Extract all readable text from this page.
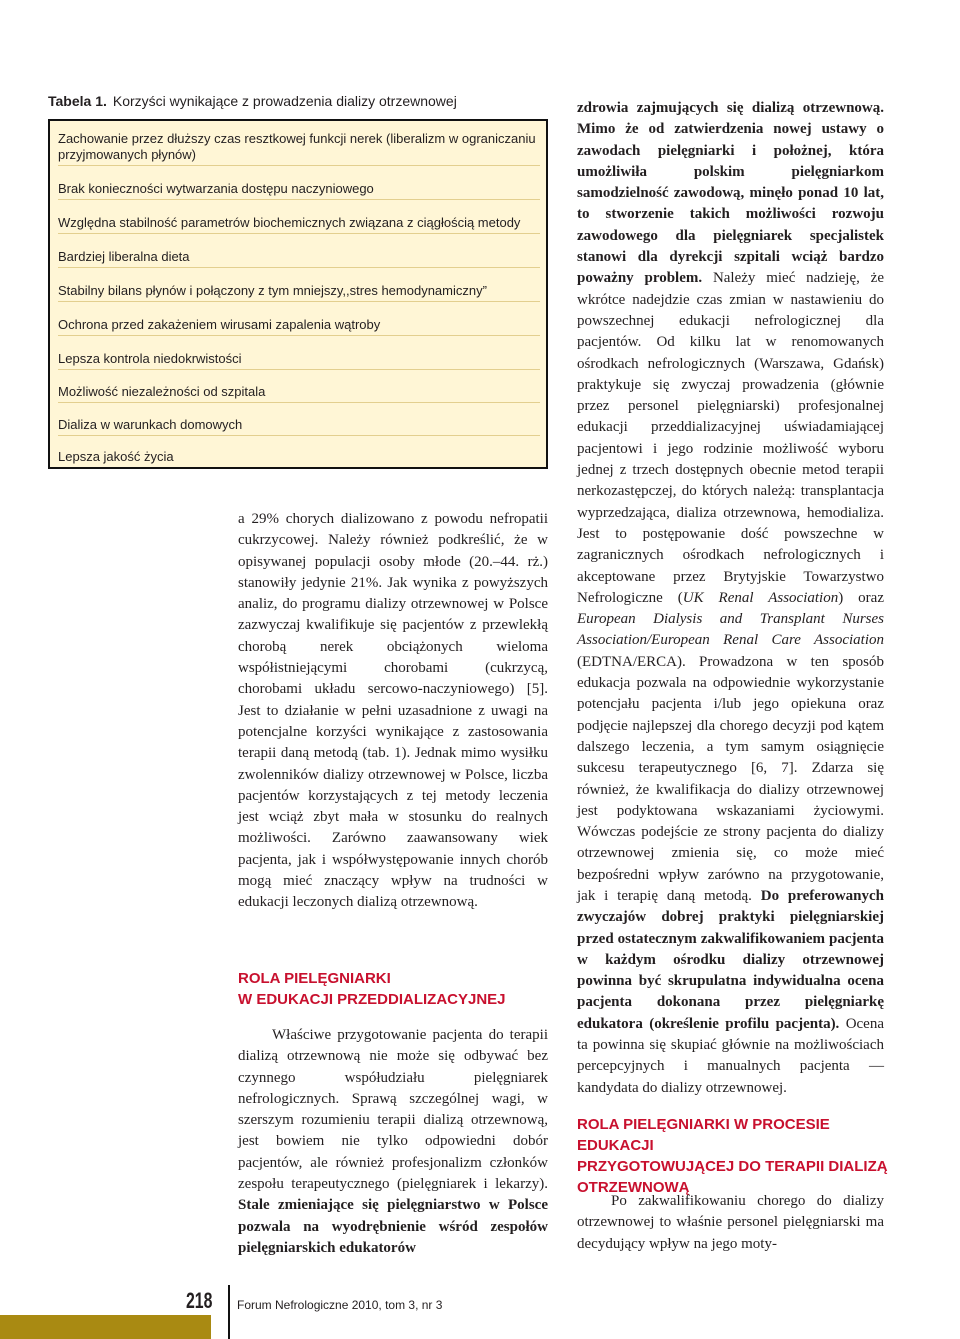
Tabela 1. Korzyści wynikające z prowadzenia dializy otrzewnowej
Zachowanie przez dłuższy czas resztkowej funkcji nerek (liberalizm w ograniczaniu przyjmowanych płynów)
Brak konieczności wytwarzania dostępu naczyniowego
Względna stabilność parametrów biochemicznych związana z ciągłością metody
Bardziej liberalna dieta
Stabilny bilans płynów i połączony z tym mniejszy,,stres hemodynamiczny”
Ochrona przed zakażeniem wirusami zapalenia wątroby
Lepsza kontrola niedokrwistości
Możliwość niezależności od szpitala
Dializa w warunkach domowych
Lepsza jakość życia

a 29% chorych dializowano z powodu nefropatii cukrzycowej. Należy również podkreślić, że w opisywanej populacji osoby młode (20.–44. rż.) stanowiły jedynie 21%. Jak wynika z powyższych analiz, do programu dializy otrzewnowej w Polsce zazwyczaj kwalifikuje się pacjentów z przewlekłą chorobą nerek obciążonych wieloma współistniejącymi chorobami (cukrzycą, chorobami układu sercowo-naczyniowego) [5]. Jest to działanie w pełni uzasadnione z uwagi na potencjalne korzyści wynikające z zastosowania terapii daną metodą (tab. 1). Jednak mimo wysiłku zwolenników dializy otrzewnowej w Polsce, liczba pacjentów korzystających z tej metody leczenia jest wciąż zbyt mała w stosunku do realnych możliwości. Zarówno zaawansowany wiek pacjenta, jak i współwystępowanie innych chorób mogą mieć znaczący wpływ na trudności w edukacji leczonych dializą otrzewnową.

ROLA PIELĘGNIARKI
W EDUKACJI PRZEDDIALIZACYJNEJ

Właściwe przygotowanie pacjenta do terapii dializą otrzewnową nie może się odbywać bez czynnego współudziału pielęgniarek nefrologicznych. Sprawą szczególnej wagi, w szerszym rozumieniu terapii dializą otrzewnową, jest bowiem nie tylko odpowiedni dobór pacjentów, ale również profesjonalizm członków zespołu terapeutycznego (pielęgniarek i lekarzy). Stale zmieniające się pielęgniarstwo w Polsce pozwala na wyodrębnienie wśród zespołów pielęgniarskich edukatorów

zdrowia zajmujących się dializą otrzewnową. Mimo że od zatwierdzenia nowej ustawy o zawodach pielęgniarki i położnej, która umożliwiła polskim pielęgniarkom samodzielność zawodową, minęło ponad 10 lat, to stworzenie takich możliwości rozwoju zawodowego dla pielęgniarek specjalistek stanowi dla dyrekcji szpitali wciąż bardzo poważny problem. Należy mieć nadzieję, że wkrótce nadejdzie czas zmian w nastawieniu do powszechnej edukacji nefrologicznej dla pacjentów. Od kilku lat w renomowanych ośrodkach nefrologicznych (Warszawa, Gdańsk) praktykuje się zwyczaj prowadzenia (głównie przez personel pielęgniarski) profesjonalnej edukacji przeddializacyjnej uświadamiającej pacjentowi i jego rodzinie możliwość wyboru jednej z trzech dostępnych obecnie metod terapii nerkozastępczej, do których należą: transplantacja wyprzedzająca, dializa otrzewnowa, hemodializa. Jest to postępowanie dość powszechne w zagranicznych ośrodkach nefrologicznych i akceptowane przez Brytyjskie Towarzystwo Nefrologiczne (UK Renal Association) oraz European Dialysis and Transplant Nurses Association/European Renal Care Association (EDTNA/ERCA). Prowadzona w ten sposób edukacja pozwala na odpowiednie wykorzystanie potencjału pacjenta i/lub jego opiekuna oraz podjęcie najlepszej dla chorego decyzji pod kątem dalszego leczenia, a tym samym osiągnięcie sukcesu terapeutycznego [6, 7]. Zdarza się również, że kwalifikacja do dializy otrzewnowej jest podyktowana wskazaniami życiowymi. Wówczas podejście ze strony pacjenta do dializy otrzewnowej zmienia się, co może mieć bezpośredni wpływ zarówno na przygotowanie, jak i terapię daną metodą. Do preferowanych zwyczajów dobrej praktyki pielęgniarskiej przed ostatecznym zakwalifikowaniem pacjenta w każdym ośrodku dializy otrzewnowej powinna być skrupulatna indywidualna ocena pacjenta dokonana przez pielęgniarkę edukatora (określenie profilu pacjenta). Ocena ta powinna się skupiać głównie na możliwościach percepcyjnych i manualnych pacjenta — kandydata do dializy otrzewnowej.

ROLA PIELĘGNIARKI W PROCESIE EDUKACJI
PRZYGOTOWUJĄCEJ DO TERAPII DIALIZĄ
OTRZEWNOWĄ

Po zakwalifikowaniu chorego do dializy otrzewnowej to właśnie personel pielęgniarski ma decydujący wpływ na jego moty-

218 Forum Nefrologiczne 2010, tom 3, nr 3
